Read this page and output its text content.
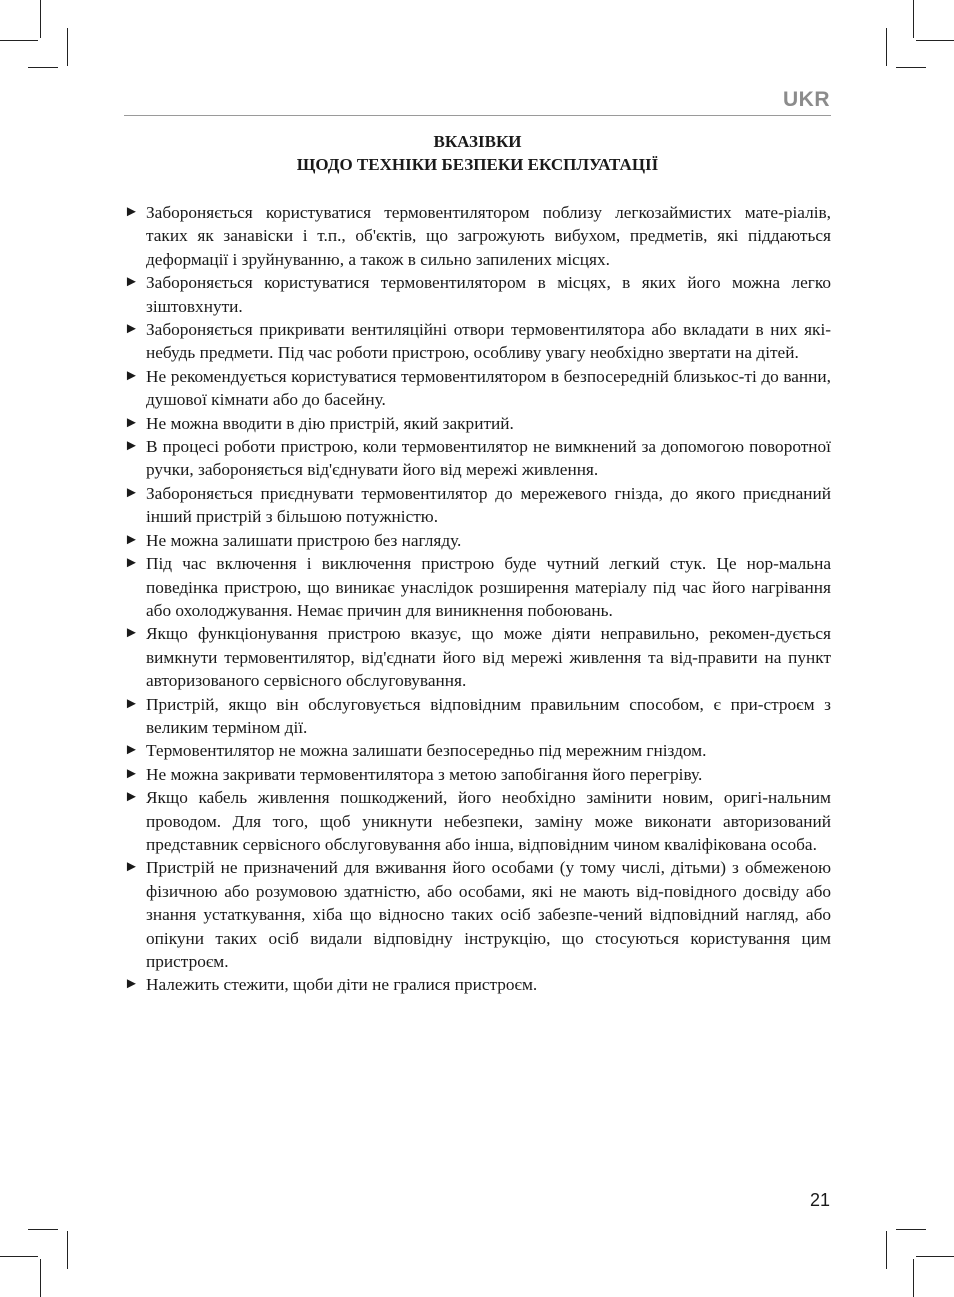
UKR
ВКАЗІВКИ
ЩОДО ТЕХНІКИ БЕЗПЕКИ ЕКСПЛУАТАЦІЇ
► Забороняється користуватися термовентилятором поблизу легкозаймистих мате-ріалів, таких як занавіски і т.п., об'єктів, що загрожують вибухом, предметів, які піддаються деформації і зруйнуванню, а також в сильно запилених місцях.
► Забороняється користуватися термовентилятором в місцях, в яких його можна легко зіштовхнути.
► Забороняється прикривати вентиляційні отвори термовентилятора або вкладати в них які-небудь предмети. Під час роботи пристрою, особливу увагу необхідно звертати на дітей.
► Не рекомендується користуватися термовентилятором в безпосередній близькос-ті до ванни, душової кімнати або до басейну.
► Не можна вводити в дію пристрій, який закритий.
► В процесі роботи пристрою, коли термовентилятор не вимкнений за допомогою поворотної ручки, забороняється від'єднувати його від мережі живлення.
► Забороняється приєднувати термовентилятор до мережевого гнізда, до якого приєднаний інший пристрій з більшою потужністю.
► Не можна залишати пристрою без нагляду.
► Під час включення і виключення пристрою буде чутний легкий стук. Це нор-мальна поведінка пристрою, що виникає унаслідок розширення матеріалу під час його нагрівання або охолоджування. Немає причин для виникнення побоювань.
► Якщо функціонування пристрою вказує, що може діяти неправильно, рекомен-дується вимкнути термовентилятор, від'єднати його від мережі живлення та від-правити на пункт авторизованого сервісного обслуговування.
► Пристрій, якщо він обслуговується відповідним правильним способом, є при-строєм з великим терміном дії.
► Термовентилятор не можна залишати безпосередньо під мережним гніздом.
► Не можна закривати термовентилятора з метою запобігання його перегріву.
► Якщо кабель живлення пошкоджений, його необхідно замінити новим, оригі-нальним проводом. Для того, щоб уникнути небезпеки, заміну може виконати авторизований представник сервісного обслуговування або інша, відповідним чином кваліфікована особа.
► Пристрій не призначений для вживання його особами (у тому числі, дітьми) з обмеженою фізичною або розумовою здатністю, або особами, які не мають від-повідного досвіду або знання устаткування, хіба що відносно таких осіб забезпе-чений відповідний нагляд, або опікуни таких осіб видали відповідну інструкцію, що стосуються користування цим пристроєм.
► Належить стежити, щоби діти не гралися пристроєм.
21
